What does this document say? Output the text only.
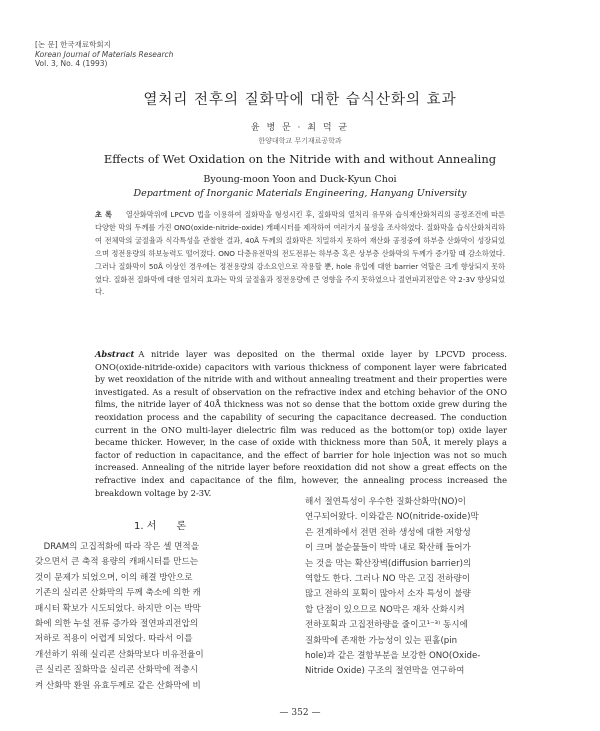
[논 문] 한국재료학회지
Korean Journal of Materials Research
Vol. 3, No. 4 (1993)
열처리 전후의 질화막에 대한 습식산화의 효과
윤 병 문 · 최 덕 균
한양대학교 무기재료공학과
Effects of Wet Oxidation on the Nitride with and without Annealing
Byoung-moon Yoon and Duck-Kyun Choi
Department of Inorganic Materials Engineering, Hanyang University
초 록 열산화막위에 LPCVD 법을 이용하여 질화막을 형성시킨 후, 질화막의 열처리 유무와 습식재산화처리의 공정조건에 따른 다양한 막의 두께를 가진 ONO(oxide-nitride-oxide) 캐패시터를 제작하여 여러가지 물성을 조사하였다. 질화막을 습식산화처리하여 전체막의 굴절율과 식각특성을 관찰한 결과, 40Å 두께의 질화막은 치밀하지 못하여 재산화 공정중에 하부층 산화막이 성장되었으며 정전용량의 하보능력도 떨어졌다. ONO 다층유전막의 전도전류는 하부층 혹은 상부층 산화막의 두께가 증가할 때 감소하였다. 그러나 질화막이 50Å 이상인 경우에는 정전용량의 감소요인으로 작용할 뿐, hole 유입에 대한 barrier 역할은 크게 향상되지 못하였다. 질화전 질화막에 대한 열처리 효과는 막의 굴절율과 정전용량에 큰 영향을 주지 못하였으나 절연파괴전압은 약 2-3V 향상되었다.
Abstract A nitride layer was deposited on the thermal oxide layer by LPCVD process. ONO(oxide-nitride-oxide) capacitors with various thickness of component layer were fabricated by wet reoxidation of the nitride with and without annealing treatment and their properties were investigated. As a result of observation on the refractive index and etching behavior of the ONO films, the nitride layer of 40Å thickness was not so dense that the bottom oxide grew during the reoxidation process and the capability of securing the capacitance decreased. The conduction current in the ONO multi-layer dielectric film was reduced as the bottom(or top) oxide layer became thicker. However, in the case of oxide with thickness more than 50Å, it merely plays a factor of reduction in capacitance, and the effect of barrier for hole injection was not so much increased. Annealing of the nitride layer before reoxidation did not show a great effects on the refractive index and capacitance of the film, however, the annealing process increased the breakdown voltage by 2-3V.
1. 서　　론
　DRAM의 고집적화에 따라 작은 셀 면적을
갖으면서 큰 축적 용량의 캐패시터를 만드는
것이 문제가 되었으며, 이의 해결 방안으로
기존의 실리콘 산화막의 두께 축소에 의한 캐
패시터 확보가 시도되었다. 하지만 이는 박막
화에 의한 누설 전류 증가와 절연파괴전압의
저하로 적용이 어렵게 되었다. 따라서 이를
개선하기 위해 실리콘 산화막보다 비유전율이
큰 실리콘 질화막을 실리콘 산화막에 적층시
켜 산화막 환원 유효두께로 같은 산화막에 비
해서 절연특성이 우수한 질화산화막(NO)이
연구되어왔다. 이와같은 NO(nitride-oxide)막
은 전계하에서 전면 전하 생성에 대한 저항성
이 크며 불순물들이 박막 내로 확산해 들어가
는 것을 막는 확산장벽(diffusion barrier)의
역할도 한다. 그러나 NO 막은 고집 전하량이
많고 전하의 포획이 많아서 소자 특성이 불량
할 단점이 있으므로 NO막은 재차 산화시켜
전하포획과 고집전하량을 줄이고¹⁻³⁾ 동시에
질화막에 존재한 가능성이 있는 핀홀(pin
hole)과 같은 결함부분을 보강한 ONO(Oxide-
Nitride Oxide) 구조의 절연막을 연구하여
— 352 —
